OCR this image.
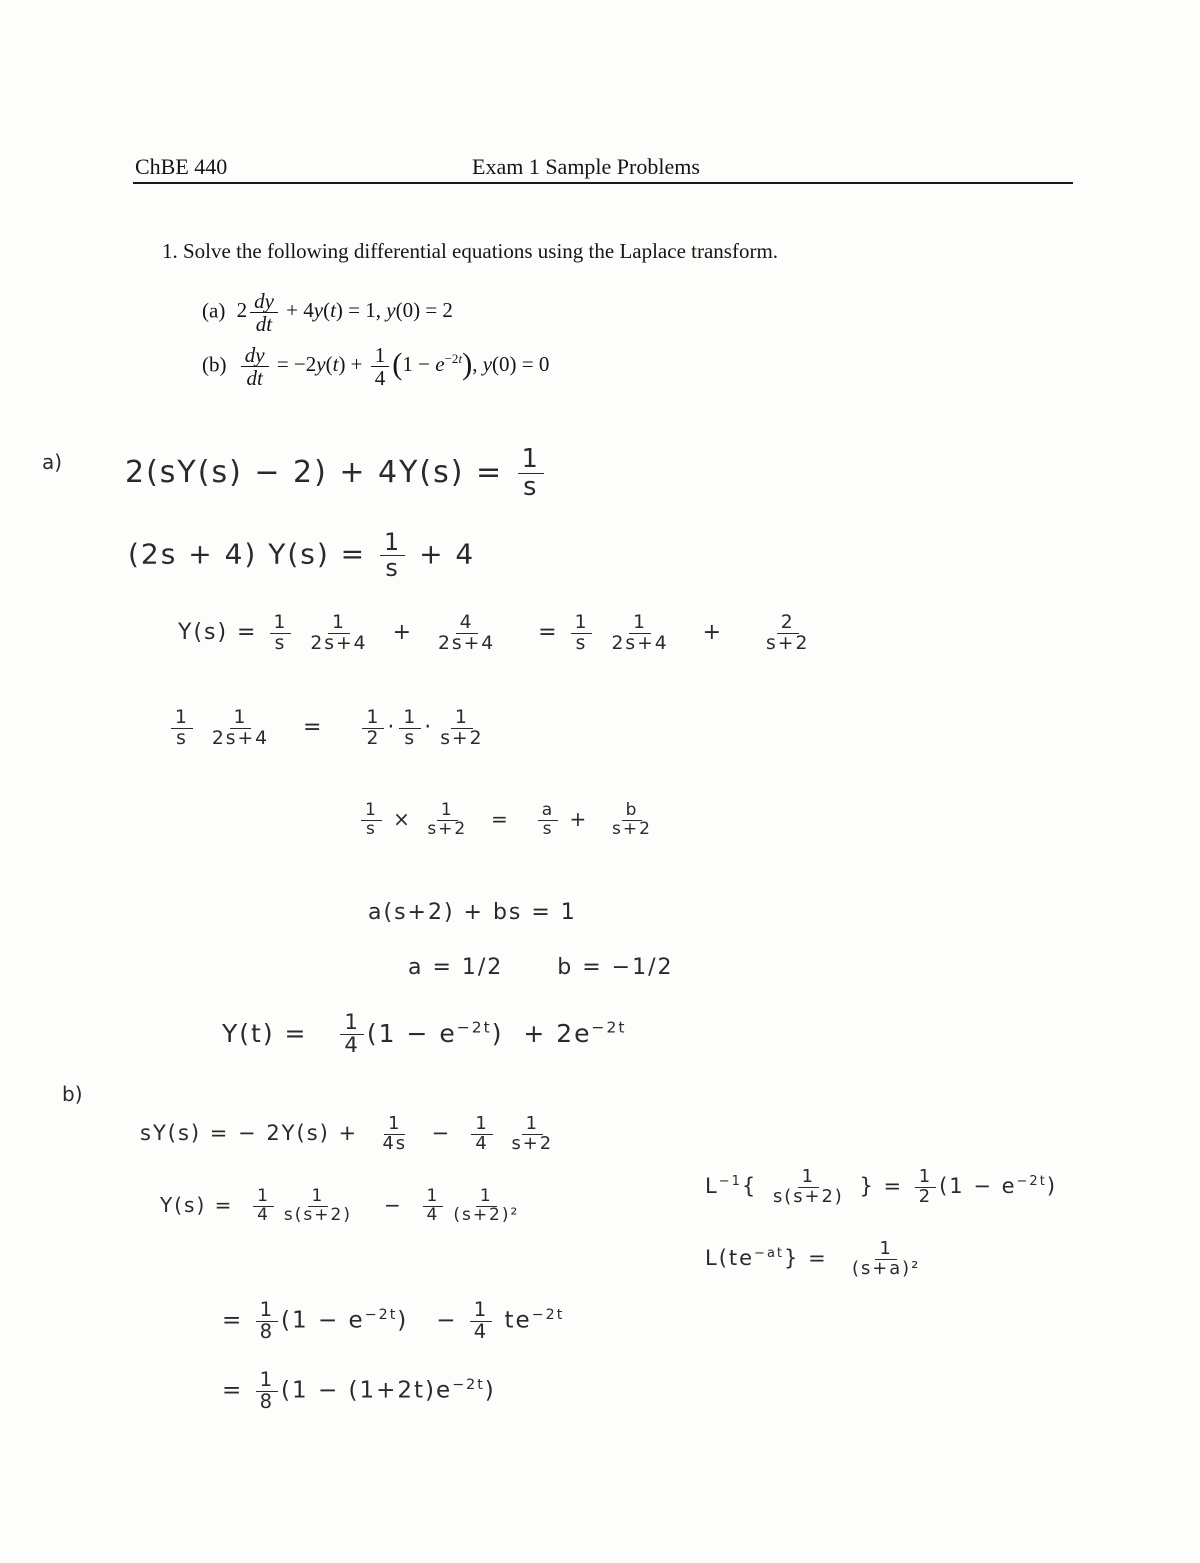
ChBE 440	Exam 1 Sample Problems
1. Solve the following differential equations using the Laplace transform.
(a) $2 \frac{dy}{dt} + 4y(t) = 1$, y(0) = 2
$(b) \frac{dy}{dt} = -2y(t) + \frac{1}{4} (1 - e^{-2t})$, y(0) = 0
a) $2(sY(s) - 2) + 4Y(s) = \frac{1}{s}$
(2s + 4) $Y(s) = \frac{1}{s} + 4$
$Y(s) = \frac{1}{s}$
$\frac{1}{2s+4} + \frac{4}{2s+4} = \frac{1}{s}$
$\frac{1}{2s+4} + \frac{2}{s+2}$
$\frac{1}{s}$
$\frac{1}{2s+4} = \frac{1}{2} \cdot \frac{1}{s} \cdot \frac{1}{s+2}$
$\frac{1}{s} \times \frac{1}{s+2} = \frac{a}{s} + \frac{b}{s+2}$
a(s+2) + bs = 1
a = 1/2      b = −1/2
$Y(t) = \frac{1}{4} (1 - e^{-2t}) + 2e^{-2t}$
b)
sY(s) = − $2Y(s) + \frac{1}{4s} - \frac{1}{4}$
$\frac{1}{s+2}$
$Y(s) = \frac{1}{4} \frac{1}{s(s+2)} - \frac{1}{4} \frac{1}{\text{(s+2)²}}$
= $\frac{1}{8} (1 - e^{-2t}) - \frac{1}{4} te^{-2t}$
= $\frac{1}{8} (1 - (1+2t)e^{-2t})$
$L^{-1}\{ \frac{1}{s(s+2)}$ } = $\frac{1}{2} (1 - e^{-2t})$
$L(te^{-at}\} = \frac{1}{\text{(s+a)²}}$
